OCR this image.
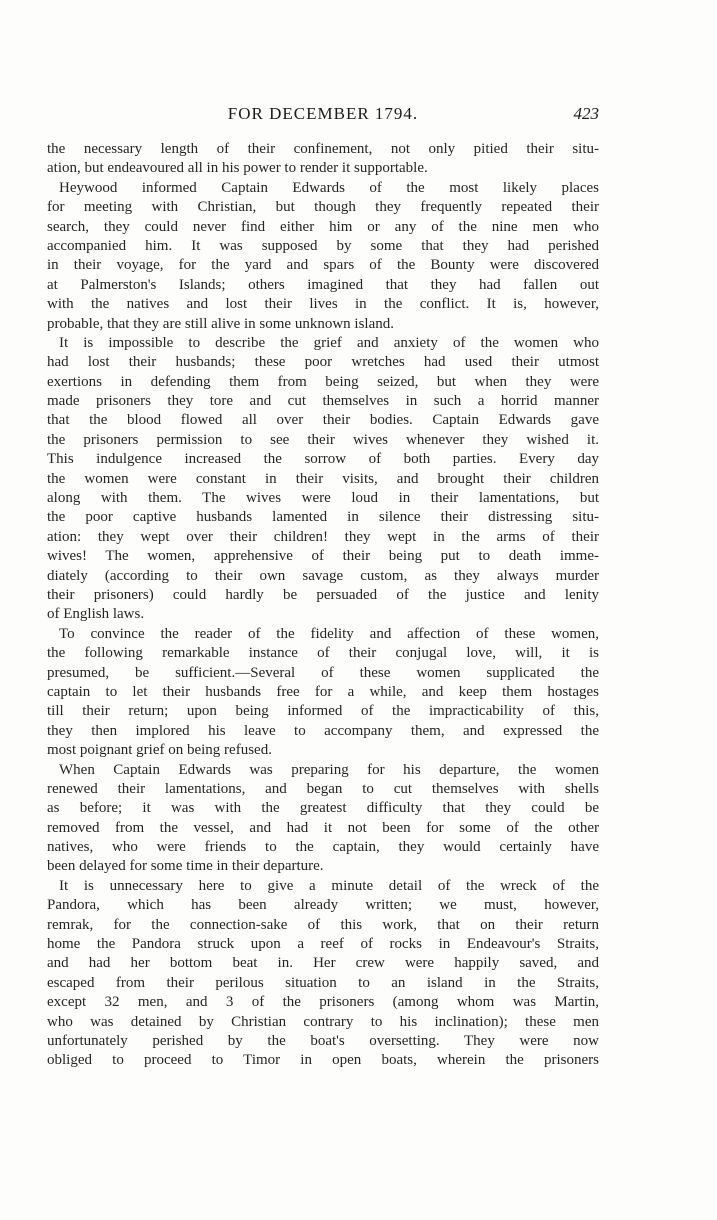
FOR DECEMBER 1794.	423
the necessary length of their confinement, not only pitied their situ-
ation, but endeavoured all in his power to render it supportable.
Heywood informed Captain Edwards of the most likely places
for meeting with Christian, but though they frequently repeated their
search, they could never find either him or any of the nine men who
accompanied him. It was supposed by some that they had perished
in their voyage, for the yard and spars of the Bounty were discovered
at Palmerston's Islands; others imagined that they had fallen out
with the natives and lost their lives in the conflict. It is, however,
probable, that they are still alive in some unknown island.
It is impossible to describe the grief and anxiety of the women who
had lost their husbands; these poor wretches had used their utmost
exertions in defending them from being seized, but when they were
made prisoners they tore and cut themselves in such a horrid manner
that the blood flowed all over their bodies. Captain Edwards gave
the prisoners permission to see their wives whenever they wished it.
This indulgence increased the sorrow of both parties. Every day
the women were constant in their visits, and brought their children
along with them. The wives were loud in their lamentations, but
the poor captive husbands lamented in silence their distressing situ-
ation: they wept over their children! they wept in the arms of their
wives! The women, apprehensive of their being put to death imme-
diately (according to their own savage custom, as they always murder
their prisoners) could hardly be persuaded of the justice and lenity
of English laws.
To convince the reader of the fidelity and affection of these women,
the following remarkable instance of their conjugal love, will, it is
presumed, be sufficient.—Several of these women supplicated the
captain to let their husbands free for a while, and keep them hostages
till their return; upon being informed of the impracticability of this,
they then implored his leave to accompany them, and expressed the
most poignant grief on being refused.
When Captain Edwards was preparing for his departure, the women
renewed their lamentations, and began to cut themselves with shells
as before; it was with the greatest difficulty that they could be
removed from the vessel, and had it not been for some of the other
natives, who were friends to the captain, they would certainly have
been delayed for some time in their departure.
It is unnecessary here to give a minute detail of the wreck of the
Pandora, which has been already written; we must, however,
remrak, for the connection-sake of this work, that on their return
home the Pandora struck upon a reef of rocks in Endeavour's Straits,
and had her bottom beat in. Her crew were happily saved, and
escaped from their perilous situation to an island in the Straits,
except 32 men, and 3 of the prisoners (among whom was Martin,
who was detained by Christian contrary to his inclination); these men
unfortunately perished by the boat's oversetting. They were now
obliged to proceed to Timor in open boats, wherein the prisoners
